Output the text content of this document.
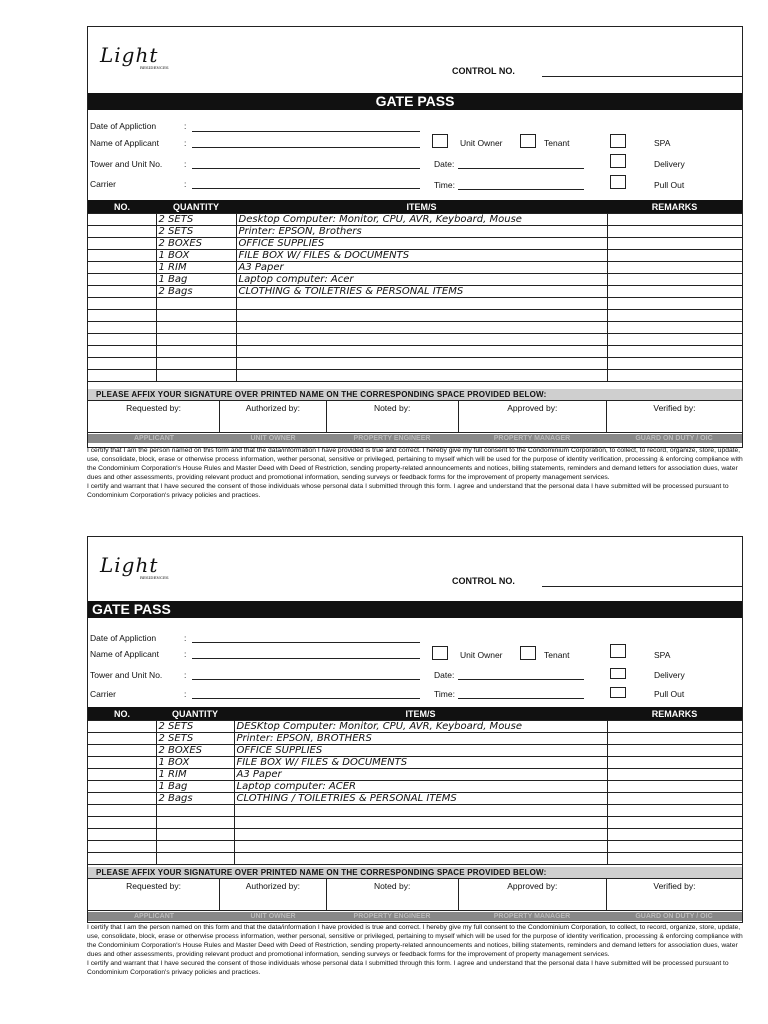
Light
RESIDENCES	CONTROL NO.
GATE PASS
Date of Appliction	:
Name of Applicant	:
Tower and Unit No.	:
Carrier	:
Unit Owner	Tenant
Date:
Time:
SPA
Delivery
Pull Out
NO.	QUANTITY	ITEM/S	REMARKS
	2 SETS	Desktop Computer: Monitor, CPU, AVR, Keyboard, Mouse	
	2 SETS	Printer: EPSON, Brothers	
	2 BOXES	OFFICE SUPPLIES	
	1 BOX	FILE BOX W/ FILES & DOCUMENTS	
	1 RIM	A3 Paper	
	1 Bag	Laptop computer: Acer	
	2 Bags	CLOTHING & TOILETRIES & PERSONAL ITEMS	

PLEASE AFFIX YOUR SIGNATURE OVER PRINTED NAME ON THE CORRESPONDING SPACE PROVIDED BELOW:
Requested by:	Authorized by:	Noted by:	Approved by:	Verified by:
APPLICANT	UNIT OWNER	PROPERTY ENGINEER	PROPERTY MANAGER	GUARD ON DUTY / OIC

I certify that I am the person named on this form and that the data/information I have provided is true and correct. I hereby give my full consent to the Condominium Corporation, to collect, to record, organize, store, update, use, consolidate, block, erase or otherwise process information, wether personal, sensitive or privileged, pertaining to myself which will be used for the purpose of identity verification, processing & enforcing compliance with the Condominium Corporation's House Rules and Master Deed with Deed of Restriction, sending property-related announcements and notices, billing statements, reminders and demand letters for association dues, water dues and other assessments, providing relevant product and promotional information, sending surveys or feedback forms for the improvement of property management services.

I certify and warrant that I have secured the consent of those individuals whose personal data I submitted through this form. I agree and understand that the personal data I have submitted will be processed pursuant to Condominium Corporation's privacy policies and practices.

Light
RESIDENCES	CONTROL NO.
GATE PASS
Date of Appliction	:
Name of Applicant	:
Tower and Unit No.	:
Carrier	:
Unit Owner	Tenant
Date:
Time:
SPA
Delivery
Pull Out
NO.	QUANTITY	ITEM/S	REMARKS
	2 SETS	DESKtop Computer: Monitor, CPU, AVR, Keyboard, Mouse	
	2 SETS	Printer: EPSON, BROTHERS	
	2 BOXES	OFFICE SUPPLIES	
	1 BOX	FILE BOX W/ FILES & DOCUMENTS	
	1 RIM	A3 Paper	
	1 Bag	Laptop computer: ACER	
	2 Bags	CLOTHING / TOILETRIES & PERSONAL ITEMS	

PLEASE AFFIX YOUR SIGNATURE OVER PRINTED NAME ON THE CORRESPONDING SPACE PROVIDED BELOW:
Requested by:	Authorized by:	Noted by:	Approved by:	Verified by:
APPLICANT	UNIT OWNER	PROPERTY ENGINEER	PROPERTY MANAGER	GUARD ON DUTY / OIC

I certify that I am the person named on this form and that the data/information I have provided is true and correct. I hereby give my full consent to the Condominium Corporation, to collect, to record, organize, store, update, use, consolidate, block, erase or otherwise process information, wether personal, sensitive or privileged, pertaining to myself which will be used for the purpose of identity verification, processing & enforcing compliance with the Condominium Corporation's House Rules and Master Deed with Deed of Restriction, sending property-related announcements and notices, billing statements, reminders and demand letters for association dues, water dues and other assessments, providing relevant product and promotional information, sending surveys or feedback forms for the improvement of property management services.

I certify and warrant that I have secured the consent of those individuals whose personal data I submitted through this form. I agree and understand that the personal data I have submitted will be processed pursuant to Condominium Corporation's privacy policies and practices.
